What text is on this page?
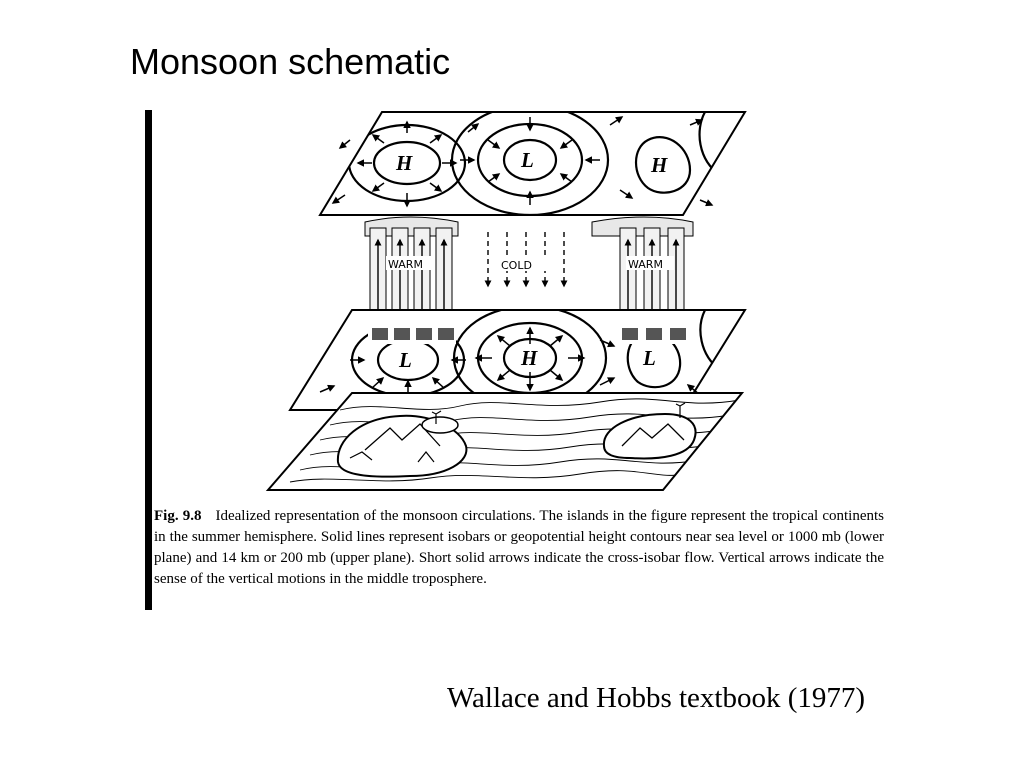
Monsoon schematic
H	L	H
WARM	WARM
COLD
L	H	L
Fig. 9.8 Idealized representation of the monsoon circulations. The islands in the figure represent the tropical continents in the summer hemisphere. Solid lines represent isobars or geopotential height contours near sea level or 1000 mb (lower plane) and 14 km or 200 mb (upper plane). Short solid arrows indicate the cross-isobar flow. Vertical arrows indicate the sense of the vertical motions in the middle troposphere.
Wallace and Hobbs textbook (1977)
